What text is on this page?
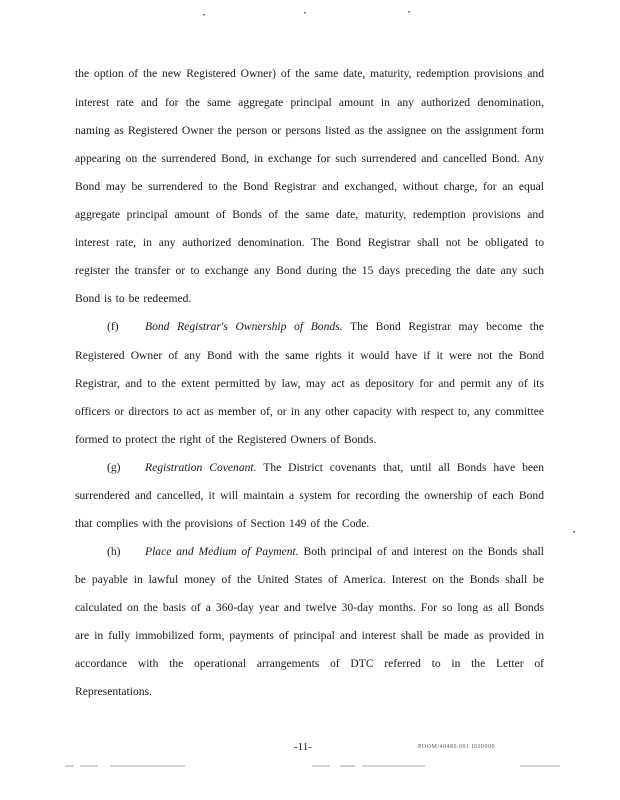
the option of the new Registered Owner) of the same date, maturity, redemption provisions and
interest rate and for the same aggregate principal amount in any authorized denomination,
naming as Registered Owner the person or persons listed as the assignee on the assignment form
appearing on the surrendered Bond, in exchange for such surrendered and cancelled Bond. Any
Bond may be surrendered to the Bond Registrar and exchanged, without charge, for an equal
aggregate principal amount of Bonds of the same date, maturity, redemption provisions and
interest rate, in any authorized denomination. The Bond Registrar shall not be obligated to
register the transfer or to exchange any Bond during the 15 days preceding the date any such
Bond is to be redeemed.
(f) Bond Registrar's Ownership of Bonds. The Bond Registrar may become the
Registered Owner of any Bond with the same rights it would have if it were not the Bond
Registrar, and to the extent permitted by law, may act as depository for and permit any of its
officers or directors to act as member of, or in any other capacity with respect to, any committee
formed to protect the right of the Registered Owners of Bonds.
(g) Registration Covenant. The District covenants that, until all Bonds have been
surrendered and cancelled, it will maintain a system for recording the ownership of each Bond
that complies with the provisions of Section 149 of the Code.
(h) Place and Medium of Payment. Both principal of and interest on the Bonds shall
be payable in lawful money of the United States of America. Interest on the Bonds shall be
calculated on the basis of a 360-day year and twelve 30-day months. For so long as all Bonds
are in fully immobilized form, payments of principal and interest shall be made as provided in
accordance with the operational arrangements of DTC referred to in the Letter of
Representations.
-11-	POOM/40480.001 I010000
